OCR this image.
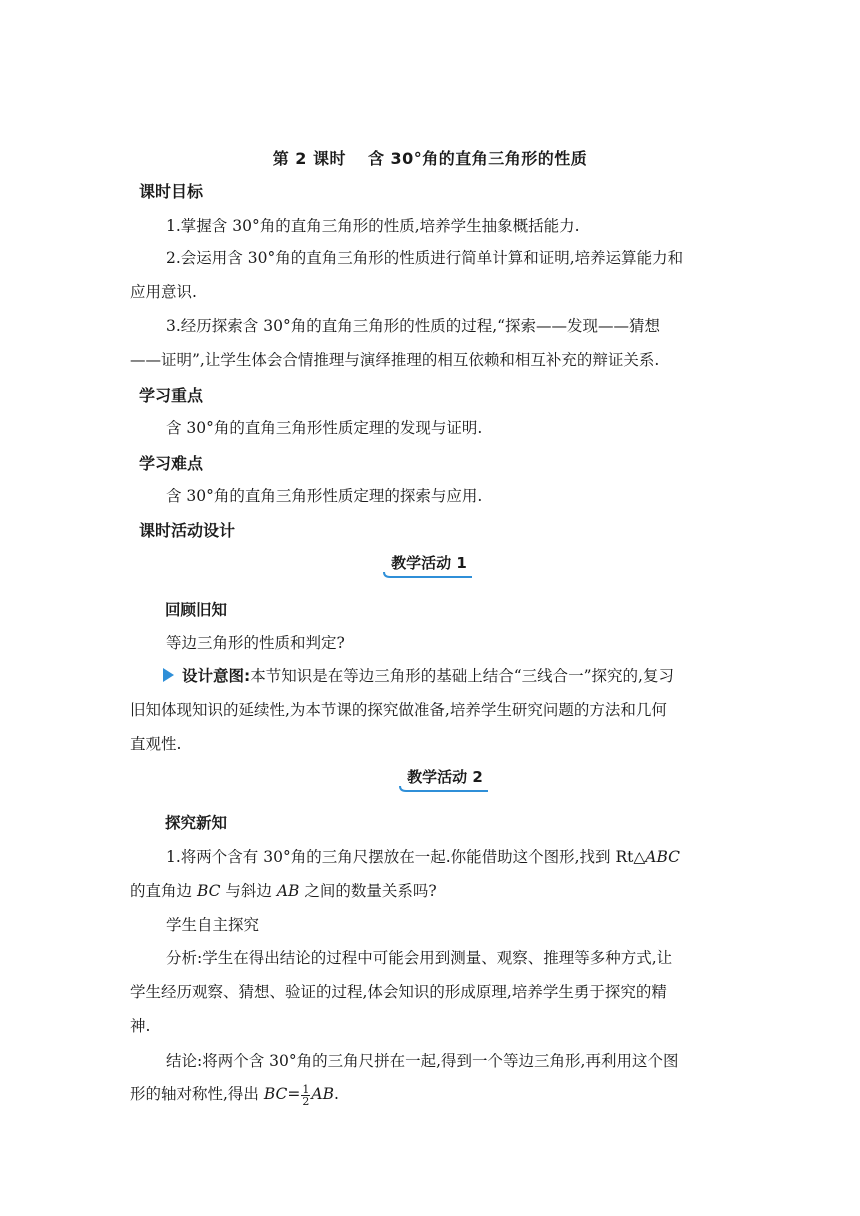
第 2 课时 含 30°角的直角三角形的性质
课时目标
1.掌握含 30°角的直角三角形的性质,培养学生抽象概括能力.
2.会运用含 30°角的直角三角形的性质进行简单计算和证明,培养运算能力和
应用意识.
3.经历探索含 30°角的直角三角形的性质的过程,“探索——发现——猜想
——证明”,让学生体会合情推理与演绎推理的相互依赖和相互补充的辩证关系.
学习重点
含 30°角的直角三角形性质定理的发现与证明.
学习难点
含 30°角的直角三角形性质定理的探索与应用.
课时活动设计
教学活动 1
回顾旧知
等边三角形的性质和判定?
设计意图:本节知识是在等边三角形的基础上结合“三线合一”探究的,复习
旧知体现知识的延续性,为本节课的探究做准备,培养学生研究问题的方法和几何
直观性.
教学活动 2
探究新知
1.将两个含有 30°角的三角尺摆放在一起.你能借助这个图形,找到 Rt△ABC
的直角边 BC 与斜边 AB 之间的数量关系吗?
学生自主探究
分析:学生在得出结论的过程中可能会用到测量、观察、推理等多种方式,让
学生经历观察、猜想、验证的过程,体会知识的形成原理,培养学生勇于探究的精
神.
结论:将两个含 30°角的三角尺拼在一起,得到一个等边三角形,再利用这个图
形的轴对称性,得出 $BC= \frac{1}{2}$ AB.
